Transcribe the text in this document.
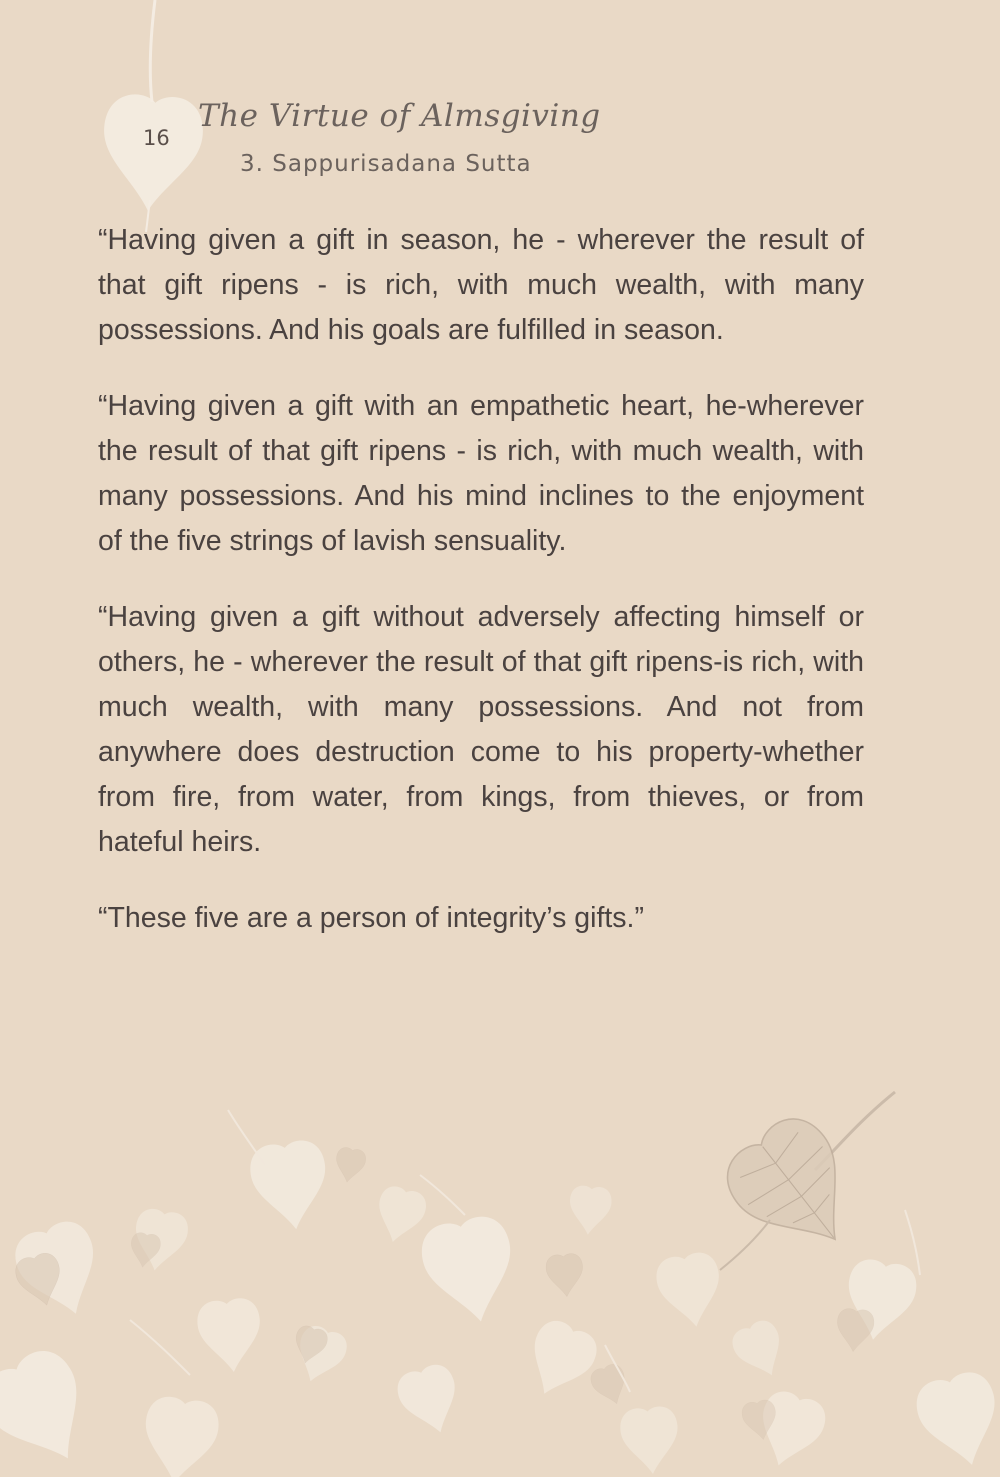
16
The Virtue of Almsgiving
3. Sappurisadana Sutta

“Having given a gift in season, he - wherever the result of that gift ripens - is rich, with much wealth, with many possessions. And his goals are fulfilled in season.

“Having given a gift with an empathetic heart, he-wherever the result of that gift ripens - is rich, with much wealth, with many possessions. And his mind inclines to the enjoyment of the five strings of lavish sensuality.

“Having given a gift without adversely affecting himself or others, he - wherever the result of that gift ripens-is rich, with much wealth, with many possessions. And not from anywhere does destruction come to his property-whether from fire, from water, from kings, from thieves, or from hateful heirs.

“These five are a person of integrity’s gifts.”
